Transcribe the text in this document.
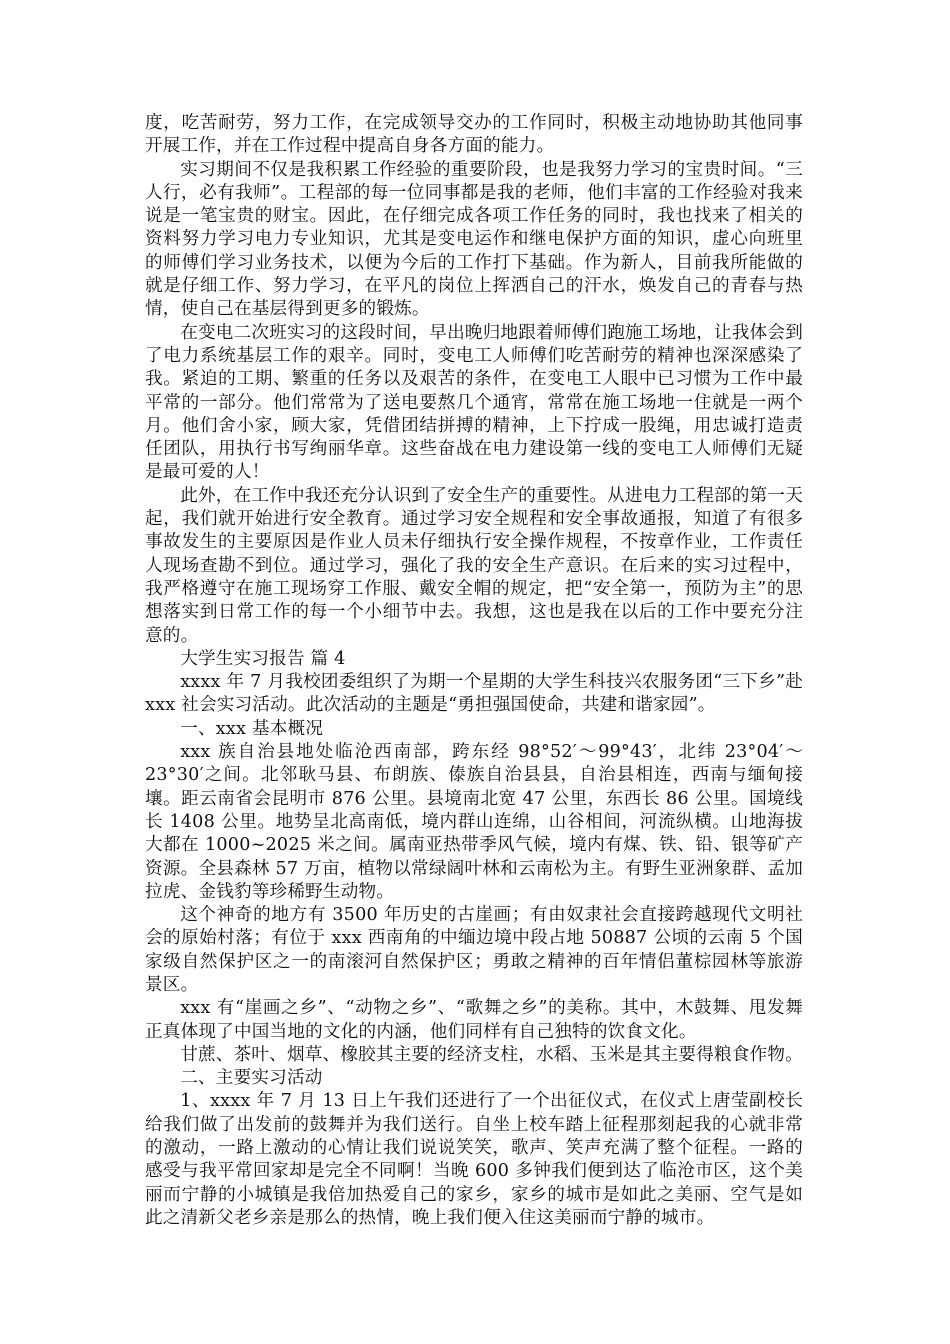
度，吃苦耐劳，努力工作，在完成领导交办的工作同时，积极主动地协助其他同事开展工作，并在工作过程中提高自身各方面的能力。

实习期间不仅是我积累工作经验的重要阶段，也是我努力学习的宝贵时间。“三人行，必有我师”。工程部的每一位同事都是我的老师，他们丰富的工作经验对我来说是一笔宝贵的财宝。因此，在仔细完成各项工作任务的同时，我也找来了相关的资料努力学习电力专业知识，尤其是变电运作和继电保护方面的知识，虚心向班里的师傅们学习业务技术，以便为今后的工作打下基础。作为新人，目前我所能做的就是仔细工作、努力学习，在平凡的岗位上挥洒自己的汗水，焕发自己的青春与热情，使自己在基层得到更多的锻炼。

在变电二次班实习的这段时间，早出晚归地跟着师傅们跑施工场地，让我体会到了电力系统基层工作的艰辛。同时，变电工人师傅们吃苦耐劳的精神也深深感染了我。紧迫的工期、繁重的任务以及艰苦的条件，在变电工人眼中已习惯为工作中最平常的一部分。他们常常为了送电要熬几个通宵，常常在施工场地一住就是一两个月。他们舍小家，顾大家，凭借团结拼搏的精神，上下拧成一股绳，用忠诚打造责任团队，用执行书写绚丽华章。这些奋战在电力建设第一线的变电工人师傅们无疑是最可爱的人！

此外，在工作中我还充分认识到了安全生产的重要性。从进电力工程部的第一天起，我们就开始进行安全教育。通过学习安全规程和安全事故通报，知道了有很多事故发生的主要原因是作业人员未仔细执行安全操作规程，不按章作业，工作责任人现场查勘不到位。通过学习，强化了我的安全生产意识。在后来的实习过程中，我严格遵守在施工现场穿工作服、戴安全帽的规定，把“安全第一，预防为主”的思想落实到日常工作的每一个小细节中去。我想，这也是我在以后的工作中要充分注意的。

大学生实习报告 篇 4

xxxx 年 7 月我校团委组织了为期一个星期的大学生科技兴农服务团“三下乡”赴 xxx 社会实习活动。此次活动的主题是“勇担强国使命，共建和谐家园”。

一、xxx 基本概况

xxx 族自治县地处临沧西南部，跨东经 98°52′～99°43′，北纬 23°04′～23°30′之间。北邻耿马县、布朗族、傣族自治县县，自治县相连，西南与缅甸接壤。距云南省会昆明市 876 公里。县境南北宽 47 公里，东西长 86 公里。国境线长 1408 公里。地势呈北高南低，境内群山连绵，山谷相间，河流纵横。山地海拔大都在 1000~2025 米之间。属南亚热带季风气候，境内有煤、铁、铅、银等矿产资源。全县森林 57 万亩，植物以常绿阔叶林和云南松为主。有野生亚洲象群、孟加拉虎、金钱豹等珍稀野生动物。

这个神奇的地方有 3500 年历史的古崖画；有由奴隶社会直接跨越现代文明社会的原始村落；有位于 xxx 西南角的中缅边境中段占地 50887 公顷的云南 5 个国家级自然保护区之一的南滚河自然保护区；勇敢之精神的百年情侣董棕园林等旅游景区。

xxx 有“崖画之乡”、“动物之乡”、“歌舞之乡”的美称。其中，木鼓舞、甩发舞正真体现了中国当地的文化的内涵，他们同样有自己独特的饮食文化。

甘蔗、茶叶、烟草、橡胶其主要的经济支柱，水稻、玉米是其主要得粮食作物。

二、主要实习活动

1、xxxx 年 7 月 13 日上午我们还进行了一个出征仪式，在仪式上唐莹副校长给我们做了出发前的鼓舞并为我们送行。自坐上校车踏上征程那刻起我的心就非常的激动，一路上激动的心情让我们说说笑笑，歌声、笑声充满了整个征程。一路的感受与我平常回家却是完全不同啊！当晚 600 多钟我们便到达了临沧市区，这个美丽而宁静的小城镇是我倍加热爱自己的家乡，家乡的城市是如此之美丽、空气是如此之清新父老乡亲是那么的热情，晚上我们便入住这美丽而宁静的城市。
